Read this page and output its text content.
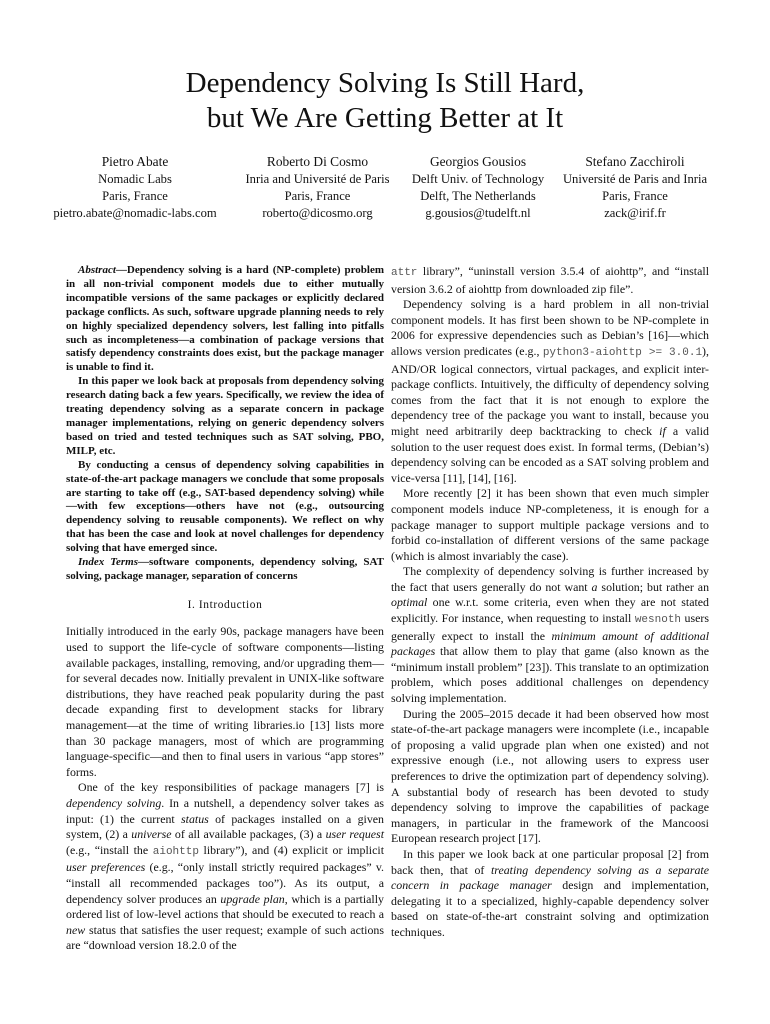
Dependency Solving Is Still Hard,
but We Are Getting Better at It
Pietro Abate
Nomadic Labs
Paris, France
pietro.abate@nomadic-labs.com
Roberto Di Cosmo
Inria and Université de Paris
Paris, France
roberto@dicosmo.org
Georgios Gousios
Delft Univ. of Technology
Delft, The Netherlands
g.gousios@tudelft.nl
Stefano Zacchiroli
Université de Paris and Inria
Paris, France
zack@irif.fr

Abstract—Dependency solving is a hard (NP-complete) problem in all non-trivial component models due to either mutually incompatible versions of the same packages or explicitly declared package conflicts. As such, software upgrade planning needs to rely on highly specialized dependency solvers, lest falling into pitfalls such as incompleteness—a combination of package versions that satisfy dependency constraints does exist, but the package manager is unable to find it.

In this paper we look back at proposals from dependency solving research dating back a few years. Specifically, we review the idea of treating dependency solving as a separate concern in package manager implementations, relying on generic dependency solvers based on tried and tested techniques such as SAT solving, PBO, MILP, etc.

By conducting a census of dependency solving capabilities in state-of-the-art package managers we conclude that some proposals are starting to take off (e.g., SAT-based dependency solving) while—with few exceptions—others have not (e.g., outsourcing dependency solving to reusable components). We reflect on why that has been the case and look at novel challenges for dependency solving that have emerged since.

Index Terms—software components, dependency solving, SAT solving, package manager, separation of concerns

I. Introduction

Initially introduced in the early 90s, package managers have been used to support the life-cycle of software components—listing available packages, installing, removing, and/or upgrading them—for several decades now. Initially prevalent in UNIX-like software distributions, they have reached peak popularity during the past decade expanding first to development stacks for library management—at the time of writing libraries.io [13] lists more than 30 package managers, most of which are programming language-specific—and then to final users in various “app stores” forms.

One of the key responsibilities of package managers [7] is dependency solving. In a nutshell, a dependency solver takes as input: (1) the current status of packages installed on a given system, (2) a universe of all available packages, (3) a user request (e.g., “install the aiohttp library”), and (4) explicit or implicit user preferences (e.g., “only install strictly required packages” v. “install all recommended packages too”). As its output, a dependency solver produces an upgrade plan, which is a partially ordered list of low-level actions that should be executed to reach a new status that satisfies the user request; example of such actions are “download version 18.2.0 of the

attr library”, “uninstall version 3.5.4 of aiohttp”, and “install version 3.6.2 of aiohttp from downloaded zip file”.

Dependency solving is a hard problem in all non-trivial component models. It has first been shown to be NP-complete in 2006 for expressive dependencies such as Debian’s [16]—which allows version predicates (e.g., python3-aiohttp >= 3.0.1), AND/OR logical connectors, virtual packages, and explicit inter-package conflicts. Intuitively, the difficulty of dependency solving comes from the fact that it is not enough to explore the dependency tree of the package you want to install, because you might need arbitrarily deep backtracking to check if a valid solution to the user request does exist. In formal terms, (Debian’s) dependency solving can be encoded as a SAT solving problem and vice-versa [11], [14], [16].

More recently [2] it has been shown that even much simpler component models induce NP-completeness, it is enough for a package manager to support multiple package versions and to forbid co-installation of different versions of the same package (which is almost invariably the case).

The complexity of dependency solving is further increased by the fact that users generally do not want a solution; but rather an optimal one w.r.t. some criteria, even when they are not stated explicitly. For instance, when requesting to install wesnoth users generally expect to install the minimum amount of additional packages that allow them to play that game (also known as the “minimum install problem” [23]). This translate to an optimization problem, which poses additional challenges on dependency solving implementation.

During the 2005–2015 decade it had been observed how most state-of-the-art package managers were incomplete (i.e., incapable of proposing a valid upgrade plan when one existed) and not expressive enough (i.e., not allowing users to express user preferences to drive the optimization part of dependency solving). A substantial body of research has been devoted to study dependency solving to improve the capabilities of package managers, in particular in the framework of the Mancoosi European research project [17].

In this paper we look back at one particular proposal [2] from back then, that of treating dependency solving as a separate concern in package manager design and implementation, delegating it to a specialized, highly-capable dependency solver based on state-of-the-art constraint solving and optimization techniques.
